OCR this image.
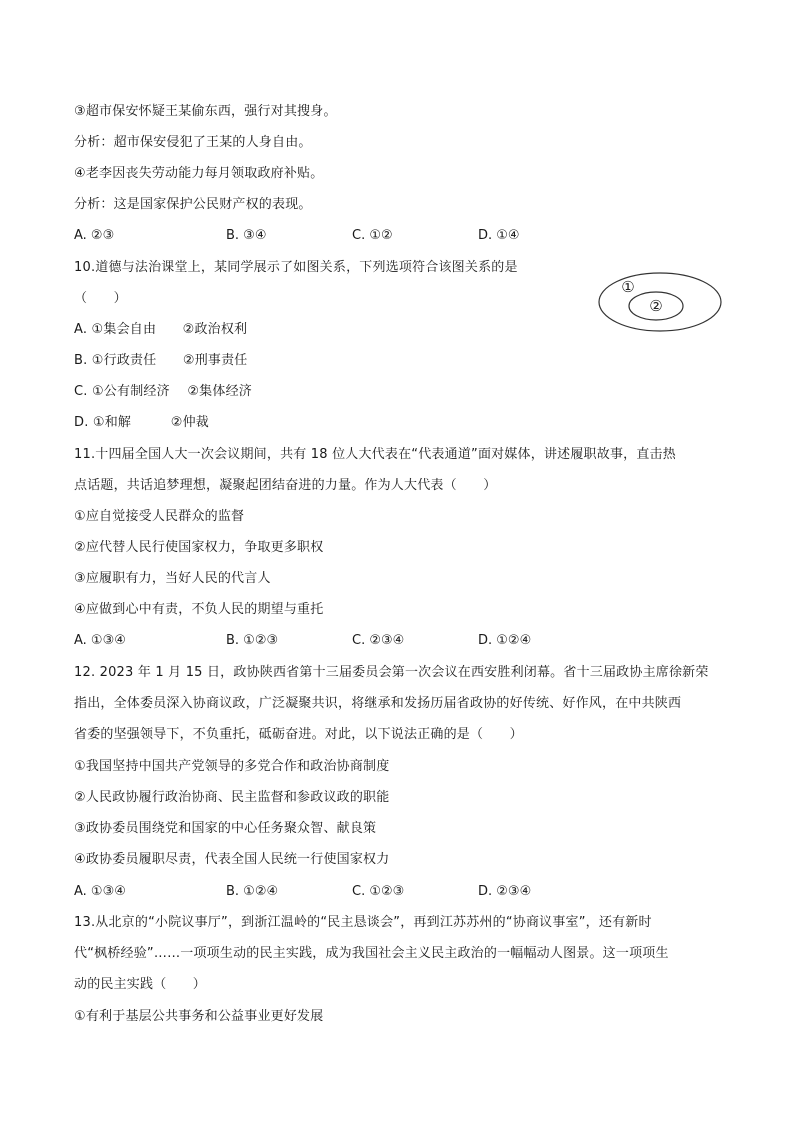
③超市保安怀疑王某偷东西，强行对其搜身。
分析：超市保安侵犯了王某的人身自由。
④老李因丧失劳动能力每月领取政府补贴。
分析：这是国家保护公民财产权的表现。
A. ②③	B. ③④	C. ①②	D. ①④
10.道德与法治课堂上，某同学展示了如图关系，下列选项符合该图关系的是
（　　）
A. ①集会自由　　②政治权利
B. ①行政责任　　②刑事责任
C. ①公有制经济　 ②集体经济
D. ①和解　　　②仲裁
①
②
11.十四届全国人大一次会议期间，共有 18 位人大代表在“代表通道”面对媒体，讲述履职故事，直击热
点话题，共话追梦理想，凝聚起团结奋进的力量。作为人大代表（　　）
①应自觉接受人民群众的监督
②应代替人民行使国家权力，争取更多职权
③应履职有力，当好人民的代言人
④应做到心中有责，不负人民的期望与重托
A. ①③④	B. ①②③	C. ②③④	D. ①②④
12. 2023 年 1 月 15 日，政协陕西省第十三届委员会第一次会议在西安胜利闭幕。省十三届政协主席徐新荣
指出，全体委员深入协商议政，广泛凝聚共识，将继承和发扬历届省政协的好传统、好作风，在中共陕西
省委的坚强领导下，不负重托，砥砺奋进。对此，以下说法正确的是（　　）
①我国坚持中国共产党领导的多党合作和政治协商制度
②人民政协履行政治协商、民主监督和参政议政的职能
③政协委员围绕党和国家的中心任务聚众智、献良策
④政协委员履职尽责，代表全国人民统一行使国家权力
A. ①③④	B. ①②④	C. ①②③	D. ②③④
13.从北京的“小院议事厅”，到浙江温岭的“民主恳谈会”，再到江苏苏州的“协商议事室”，还有新时
代“枫桥经验”……一项项生动的民主实践，成为我国社会主义民主政治的一幅幅动人图景。这一项项生
动的民主实践（　　）
①有利于基层公共事务和公益事业更好发展
